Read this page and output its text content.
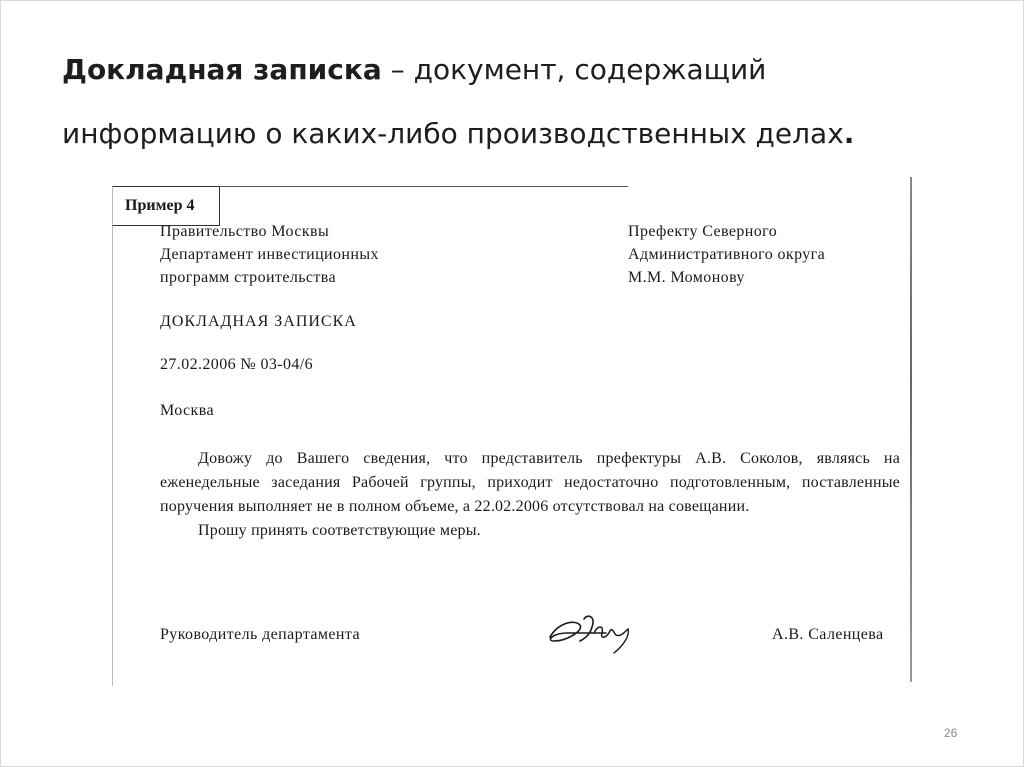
Докладная записка – документ, содержащий
информацию о каких-либо производственных делах.
Пример 4
Правительство Москвы
Департамент инвестиционных
программ строительства
Префекту Северного
Административного округа
М.М. Момонову
ДОКЛАДНАЯ ЗАПИСКА
27.02.2006 № 03-04/6
Москва

Довожу до Вашего сведения, что представитель префектуры А.В. Соколов, являясь на еженедельные заседания Рабочей группы, приходит недостаточно подготовленным, поставленные поручения выполняет не в полном объеме, а 22.02.2006 отсутствовал на совещании.

Прошу принять соответствующие меры.

Руководитель департамента	А.В. Саленцева
26
